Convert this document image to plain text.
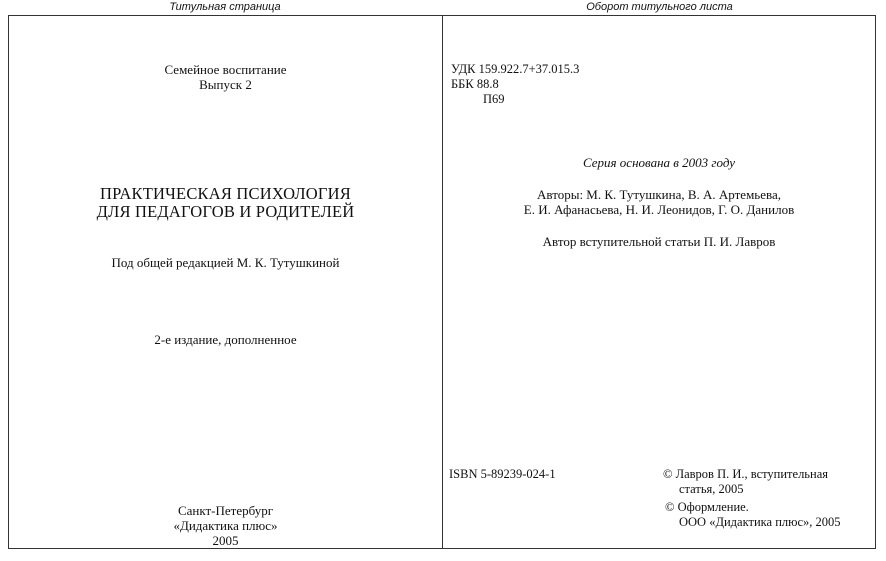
Титульная страница	Оборот титульного листа
Семейное воспитание
Выпуск 2
ПРАКТИЧЕСКАЯ ПСИХОЛОГИЯ
ДЛЯ ПЕДАГОГОВ И РОДИТЕЛЕЙ
Под общей редакцией М. К. Тутушкиной
2-е издание, дополненное
Санкт-Петербург
«Дидактика плюс»
2005
УДК 159.922.7+37.015.3
ББК 88.8
П69
Серия основана в 2003 году
Авторы: М. К. Тутушкина, В. А. Артемьева,
Е. И. Афанасьева, Н. И. Леонидов, Г. О. Данилов
Автор вступительной статьи П. И. Лавров
ISBN 5-89239-024-1	© Лавров П. И., вступительная
статья, 2005
© Оформление.
ООО «Дидактика плюс», 2005
